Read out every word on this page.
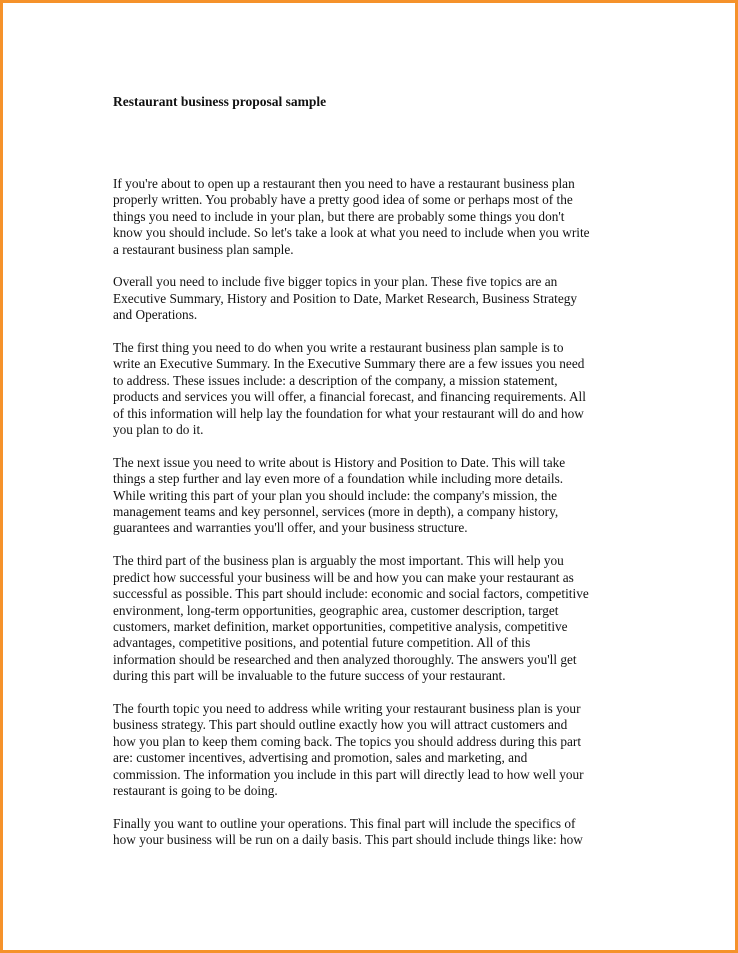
Restaurant business proposal sample

If you're about to open up a restaurant then you need to have a restaurant business plan
properly written. You probably have a pretty good idea of some or perhaps most of the
things you need to include in your plan, but there are probably some things you don't
know you should include. So let's take a look at what you need to include when you write
a restaurant business plan sample.

Overall you need to include five bigger topics in your plan. These five topics are an
Executive Summary, History and Position to Date, Market Research, Business Strategy
and Operations.

The first thing you need to do when you write a restaurant business plan sample is to
write an Executive Summary. In the Executive Summary there are a few issues you need
to address. These issues include: a description of the company, a mission statement,
products and services you will offer, a financial forecast, and financing requirements. All
of this information will help lay the foundation for what your restaurant will do and how
you plan to do it.

The next issue you need to write about is History and Position to Date. This will take
things a step further and lay even more of a foundation while including more details.
While writing this part of your plan you should include: the company's mission, the
management teams and key personnel, services (more in depth), a company history,
guarantees and warranties you'll offer, and your business structure.

The third part of the business plan is arguably the most important. This will help you
predict how successful your business will be and how you can make your restaurant as
successful as possible. This part should include: economic and social factors, competitive
environment, long-term opportunities, geographic area, customer description, target
customers, market definition, market opportunities, competitive analysis, competitive
advantages, competitive positions, and potential future competition. All of this
information should be researched and then analyzed thoroughly. The answers you'll get
during this part will be invaluable to the future success of your restaurant.

The fourth topic you need to address while writing your restaurant business plan is your
business strategy. This part should outline exactly how you will attract customers and
how you plan to keep them coming back. The topics you should address during this part
are: customer incentives, advertising and promotion, sales and marketing, and
commission. The information you include in this part will directly lead to how well your
restaurant is going to be doing.

Finally you want to outline your operations. This final part will include the specifics of
how your business will be run on a daily basis. This part should include things like: how
